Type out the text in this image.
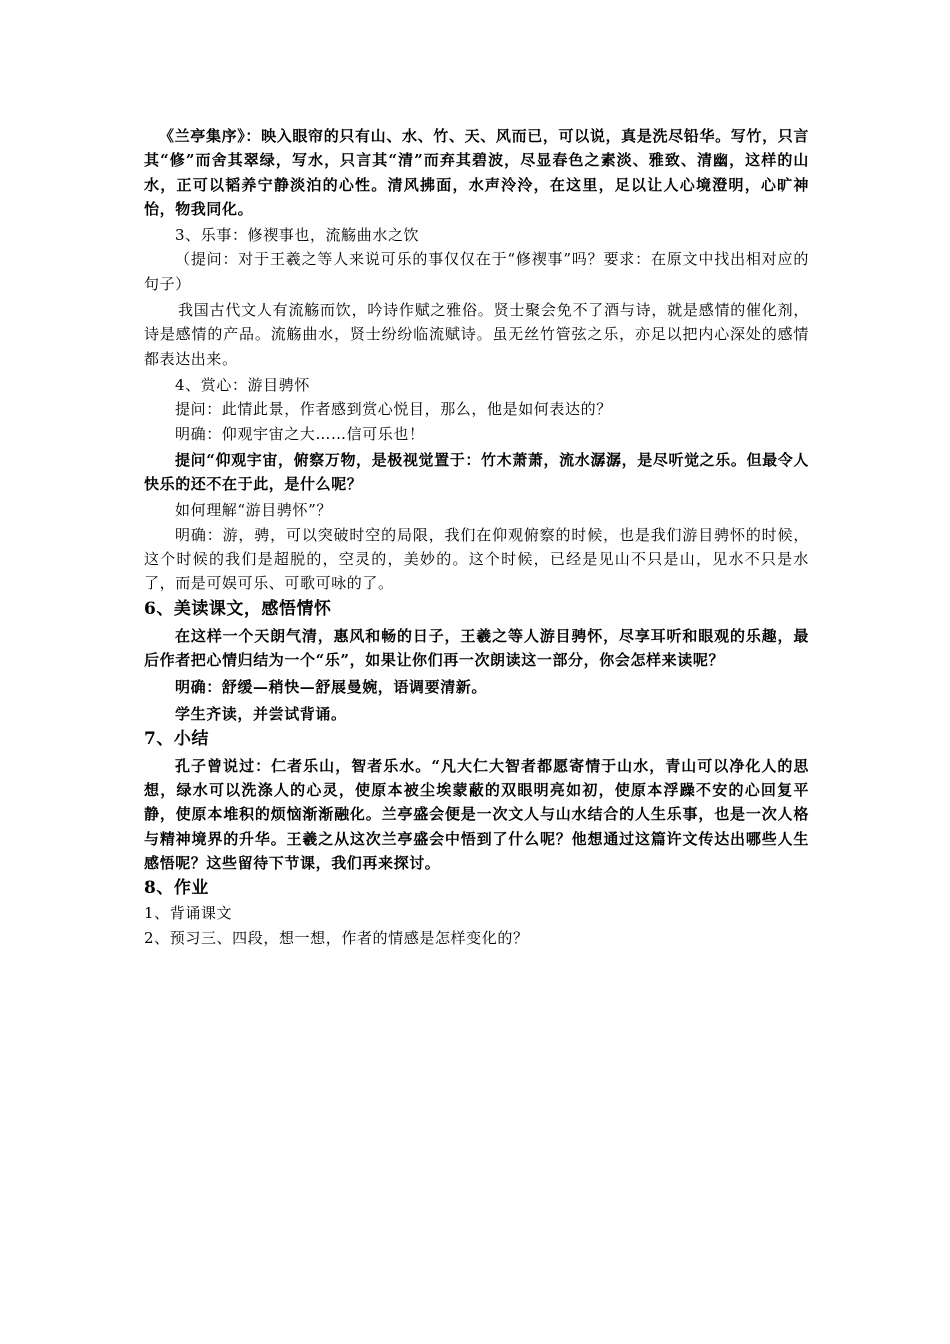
《兰亭集序》：映入眼帘的只有山、水、竹、天、风而已，可以说，真是洗尽铅华。写竹，只言其“修”而舍其翠绿，写水，只言其“清”而弃其碧波，尽显春色之素淡、雅致、清幽，这样的山水，正可以韬养宁静淡泊的心性。清风拂面，水声泠泠，在这里，足以让人心境澄明，心旷神怡，物我同化。

3、乐事：修禊事也，流觞曲水之饮

（提问：对于王羲之等人来说可乐的事仅仅在于“修禊事”吗？要求：在原文中找出相对应的句子）

我国古代文人有流觞而饮，吟诗作赋之雅俗。贤士聚会免不了酒与诗，就是感情的催化剂，诗是感情的产品。流觞曲水，贤士纷纷临流赋诗。虽无丝竹管弦之乐，亦足以把内心深处的感情都表达出来。

4、赏心：游目骋怀

提问：此情此景，作者感到赏心悦目，那么，他是如何表达的？

明确：仰观宇宙之大……信可乐也！

提问“仰观宇宙，俯察万物，是极视觉置于：竹木萧萧，流水潺潺，是尽听觉之乐。但最令人快乐的还不在于此，是什么呢？

如何理解“游目骋怀”？

明确：游，骋，可以突破时空的局限，我们在仰观俯察的时候，也是我们游目骋怀的时候，这个时候的我们是超脱的，空灵的，美妙的。这个时候，已经是见山不只是山，见水不只是水了，而是可娱可乐、可歌可咏的了。

6、美读课文，感悟情怀

在这样一个天朗气清，惠风和畅的日子，王羲之等人游目骋怀，尽享耳听和眼观的乐趣，最后作者把心情归结为一个“乐”，如果让你们再一次朗读这一部分，你会怎样来读呢？

明确：舒缓—稍快—舒展曼婉，语调要清新。

学生齐读，并尝试背诵。

7、小结

孔子曾说过：仁者乐山，智者乐水。“凡大仁大智者都愿寄情于山水，青山可以净化人的思想，绿水可以洗涤人的心灵，使原本被尘埃蒙蔽的双眼明亮如初，使原本浮躁不安的心回复平静，使原本堆积的烦恼渐渐融化。兰亭盛会便是一次文人与山水结合的人生乐事，也是一次人格与精神境界的升华。王羲之从这次兰亭盛会中悟到了什么呢？他想通过这篇许文传达出哪些人生感悟呢？这些留待下节课，我们再来探讨。

8、作业

1、背诵课文

2、预习三、四段，想一想，作者的情感是怎样变化的？
